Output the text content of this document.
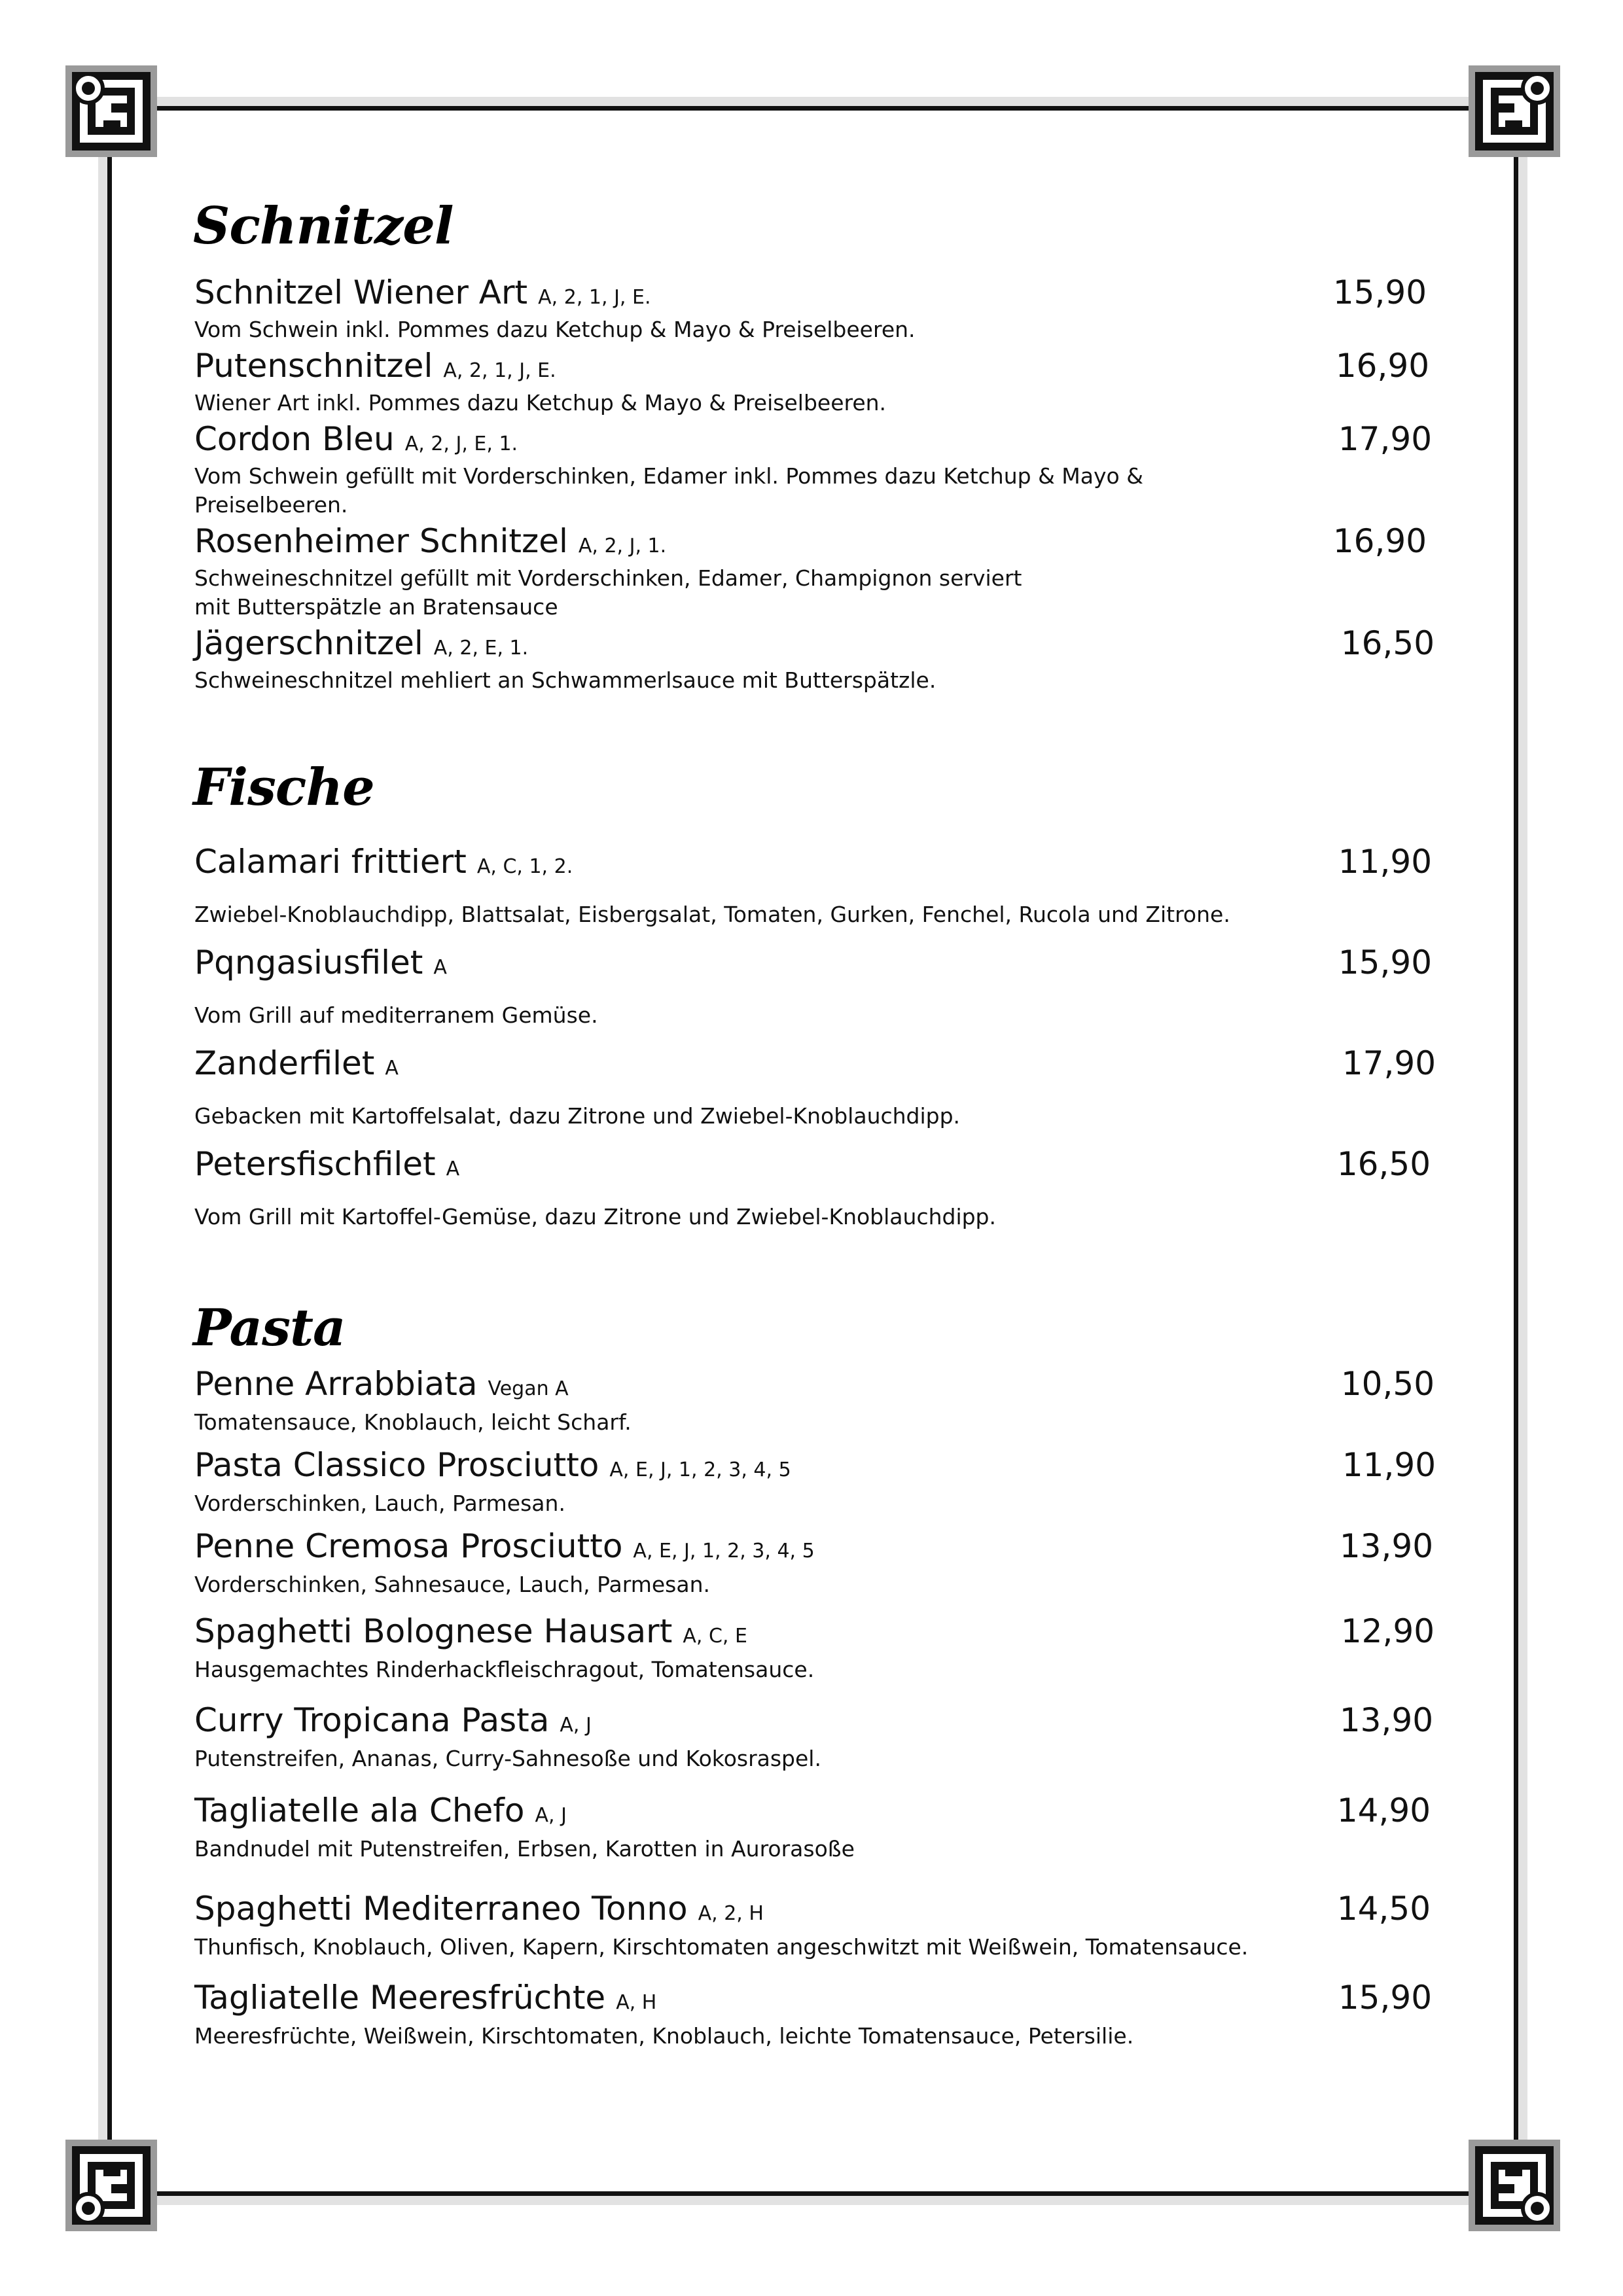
Schnitzel
Schnitzel Wiener Art A, 2, 1, J, E.	15,90
Vom Schwein inkl. Pommes dazu Ketchup & Mayo & Preiselbeeren.
Putenschnitzel A, 2, 1, J, E.	16,90
Wiener Art inkl. Pommes dazu Ketchup & Mayo & Preiselbeeren.
Cordon Bleu A, 2, J, E, 1.	17,90
Vom Schwein gefüllt mit Vorderschinken, Edamer inkl. Pommes dazu Ketchup & Mayo & Preiselbeeren.
Rosenheimer Schnitzel A, 2, J, 1.	16,90
Schweineschnitzel gefüllt mit Vorderschinken, Edamer, Champignon serviert mit Butterspätzle an Bratensauce
Jägerschnitzel A, 2, E, 1.	16,50
Schweineschnitzel mehliert an Schwammerlsauce mit Butterspätzle.
Fische
Calamari frittiert A, C, 1, 2.	11,90
Zwiebel-Knoblauchdipp, Blattsalat, Eisbergsalat, Tomaten, Gurken, Fenchel, Rucola und Zitrone.
Pqngasiusfilet A	15,90
Vom Grill auf mediterranem Gemüse.
Zanderfilet A	17,90
Gebacken mit Kartoffelsalat, dazu Zitrone und Zwiebel-Knoblauchdipp.
Petersfischfilet A	16,50
Vom Grill mit Kartoffel-Gemüse, dazu Zitrone und Zwiebel-Knoblauchdipp.
Pasta
Penne Arrabbiata Vegan A	10,50
Tomatensauce, Knoblauch, leicht Scharf.
Pasta Classico Prosciutto A, E, J, 1, 2, 3, 4, 5	11,90
Vorderschinken, Lauch, Parmesan.
Penne Cremosa Prosciutto A, E, J, 1, 2, 3, 4, 5	13,90
Vorderschinken, Sahnesauce, Lauch, Parmesan.
Spaghetti Bolognese Hausart A, C, E	12,90
Hausgemachtes Rinderhackfleischragout, Tomatensauce.
Curry Tropicana Pasta A, J	13,90
Putenstreifen, Ananas, Curry-Sahnesoße und Kokosraspel.
Tagliatelle ala Chefo A, J	14,90
Bandnudel mit Putenstreifen, Erbsen, Karotten in Aurorasoße
Spaghetti Mediterraneo Tonno A, 2, H	14,50
Thunfisch, Knoblauch, Oliven, Kapern, Kirschtomaten angeschwitzt mit Weißwein, Tomatensauce.
Tagliatelle Meeresfrüchte A, H	15,90
Meeresfrüchte, Weißwein, Kirschtomaten, Knoblauch, leichte Tomatensauce, Petersilie.
